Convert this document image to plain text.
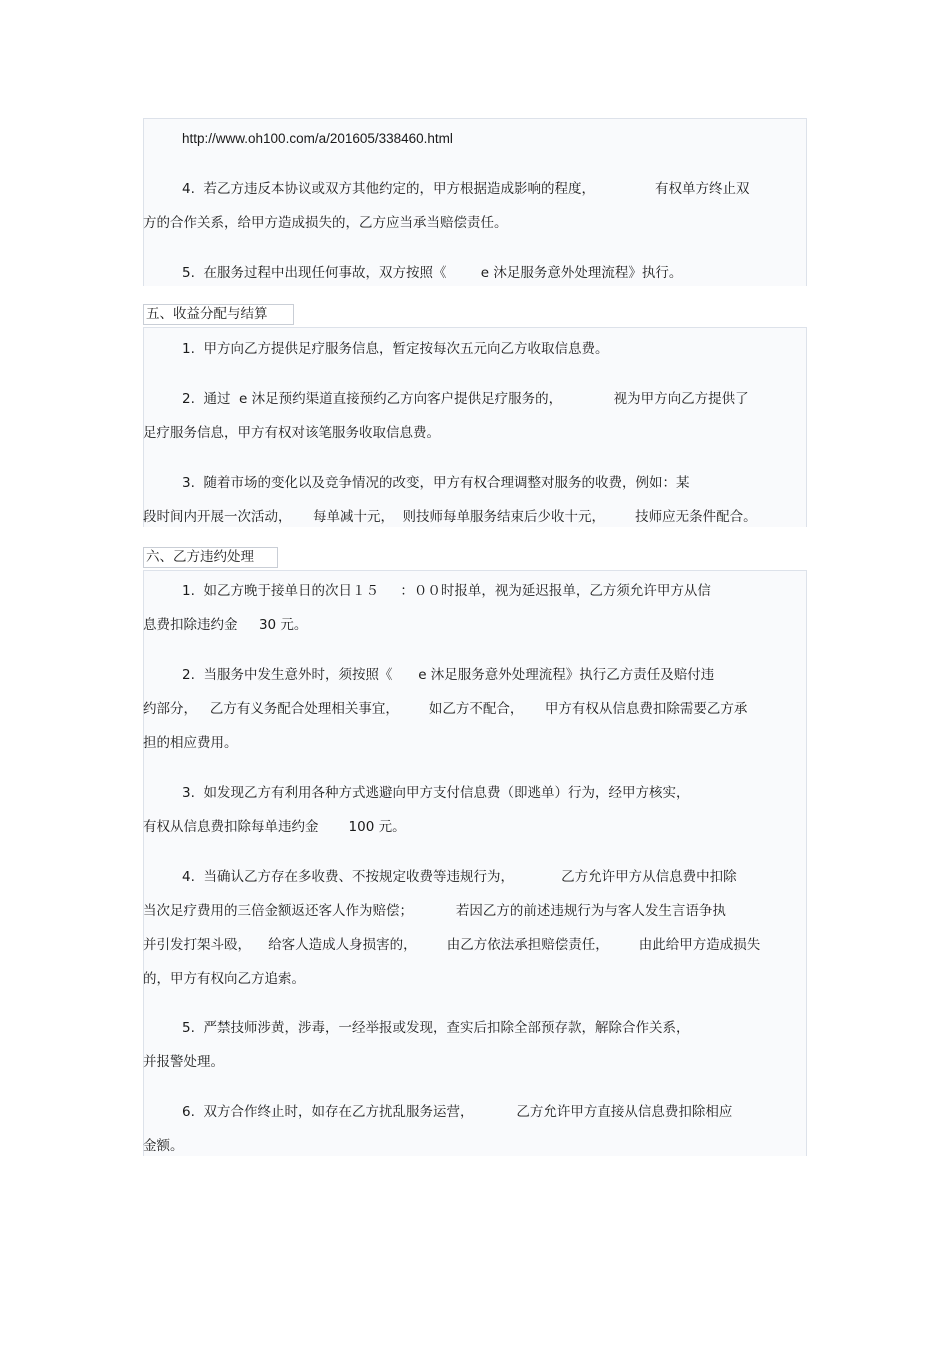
http://www.oh100.com/a/201605/338460.html

4.  若乙方违反本协议或双方其他约定的，甲方根据造成影响的程度，              有权单方终止双

方的合作关系，给甲方造成损失的，乙方应当承当赔偿责任。

5.  在服务过程中出现任何事故，双方按照《        e 沐足服务意外处理流程》执行。

五、收益分配与结算

1.  甲方向乙方提供足疗服务信息，暂定按每次五元向乙方收取信息费。

2.  通过  e 沐足预约渠道直接预约乙方向客户提供足疗服务的，            视为甲方向乙方提供了

足疗服务信息，甲方有权对该笔服务收取信息费。

3.  随着市场的变化以及竞争情况的改变，甲方有权合理调整对服务的收费，例如：某

段时间内开展一次活动，     每单减十元，  则技师每单服务结束后少收十元，       技师应无条件配合。

六、乙方违约处理

1.  如乙方晚于接单日的次日１５     ：００时报单，视为延迟报单，乙方须允许甲方从信

息费扣除违约金     30 元。

2.  当服务中发生意外时，须按照《      e 沐足服务意外处理流程》执行乙方责任及赔付违

约部分，   乙方有义务配合处理相关事宜，       如乙方不配合，     甲方有权从信息费扣除需要乙方承

担的相应费用。

3.  如发现乙方有利用各种方式逃避向甲方支付信息费（即逃单）行为，经甲方核实，

有权从信息费扣除每单违约金       100 元。

4.  当确认乙方存在多收费、不按规定收费等违规行为，           乙方允许甲方从信息费中扣除

当次足疗费用的三倍金额返还客人作为赔偿；          若因乙方的前述违规行为与客人发生言语争执

并引发打架斗殴，    给客人造成人身损害的，       由乙方依法承担赔偿责任，       由此给甲方造成损失

的，甲方有权向乙方追索。

5.  严禁技师涉黄，涉毒，一经举报或发现，查实后扣除全部预存款，解除合作关系，

并报警处理。

6.  双方合作终止时，如存在乙方扰乱服务运营，          乙方允许甲方直接从信息费扣除相应

金额。
